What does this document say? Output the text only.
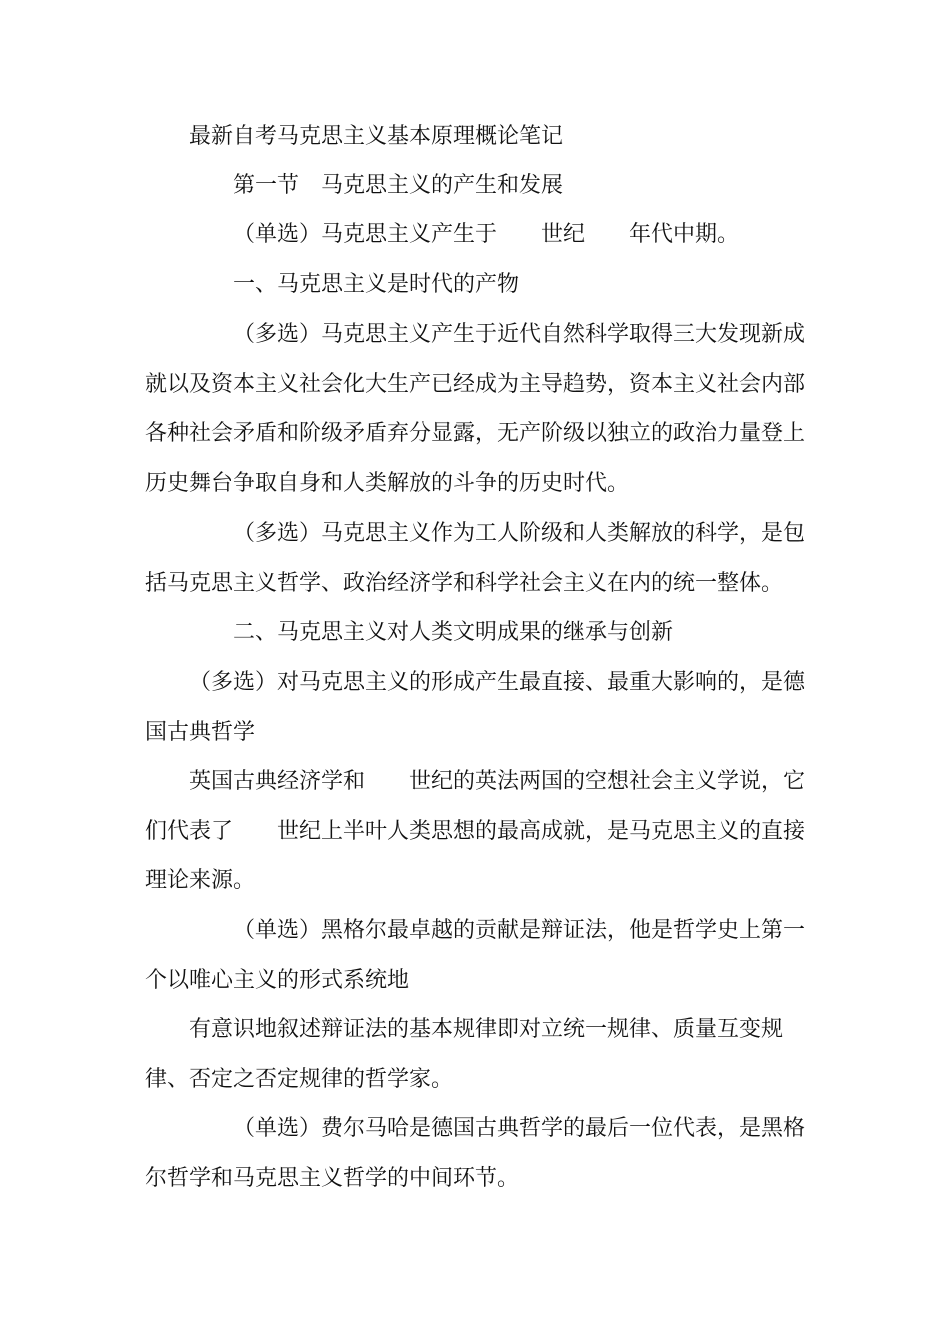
最新自考马克思主义基本原理概论笔记

第一节　马克思主义的产生和发展

（单选）马克思主义产生于　　世纪　　年代中期。

一、马克思主义是时代的产物

（多选）马克思主义产生于近代自然科学取得三大发现新成就以及资本主义社会化大生产已经成为主导趋势，资本主义社会内部各种社会矛盾和阶级矛盾弃分显露，无产阶级以独立的政治力量登上历史舞台争取自身和人类解放的斗争的历史时代。

（多选）马克思主义作为工人阶级和人类解放的科学，是包括马克思主义哲学、政治经济学和科学社会主义在内的统一整体。

二、马克思主义对人类文明成果的继承与创新

（多选）对马克思主义的形成产生最直接、最重大影响的，是德国古典哲学

英国古典经济学和　　世纪的英法两国的空想社会主义学说，它们代表了　　世纪上半叶人类思想的最高成就，是马克思主义的直接理论来源。

（单选）黑格尔最卓越的贡献是辩证法，他是哲学史上第一个以唯心主义的形式系统地

有意识地叙述辩证法的基本规律即对立统一规律、质量互变规律、否定之否定规律的哲学家。

（单选）费尔马哈是德国古典哲学的最后一位代表，是黑格尔哲学和马克思主义哲学的中间环节。
